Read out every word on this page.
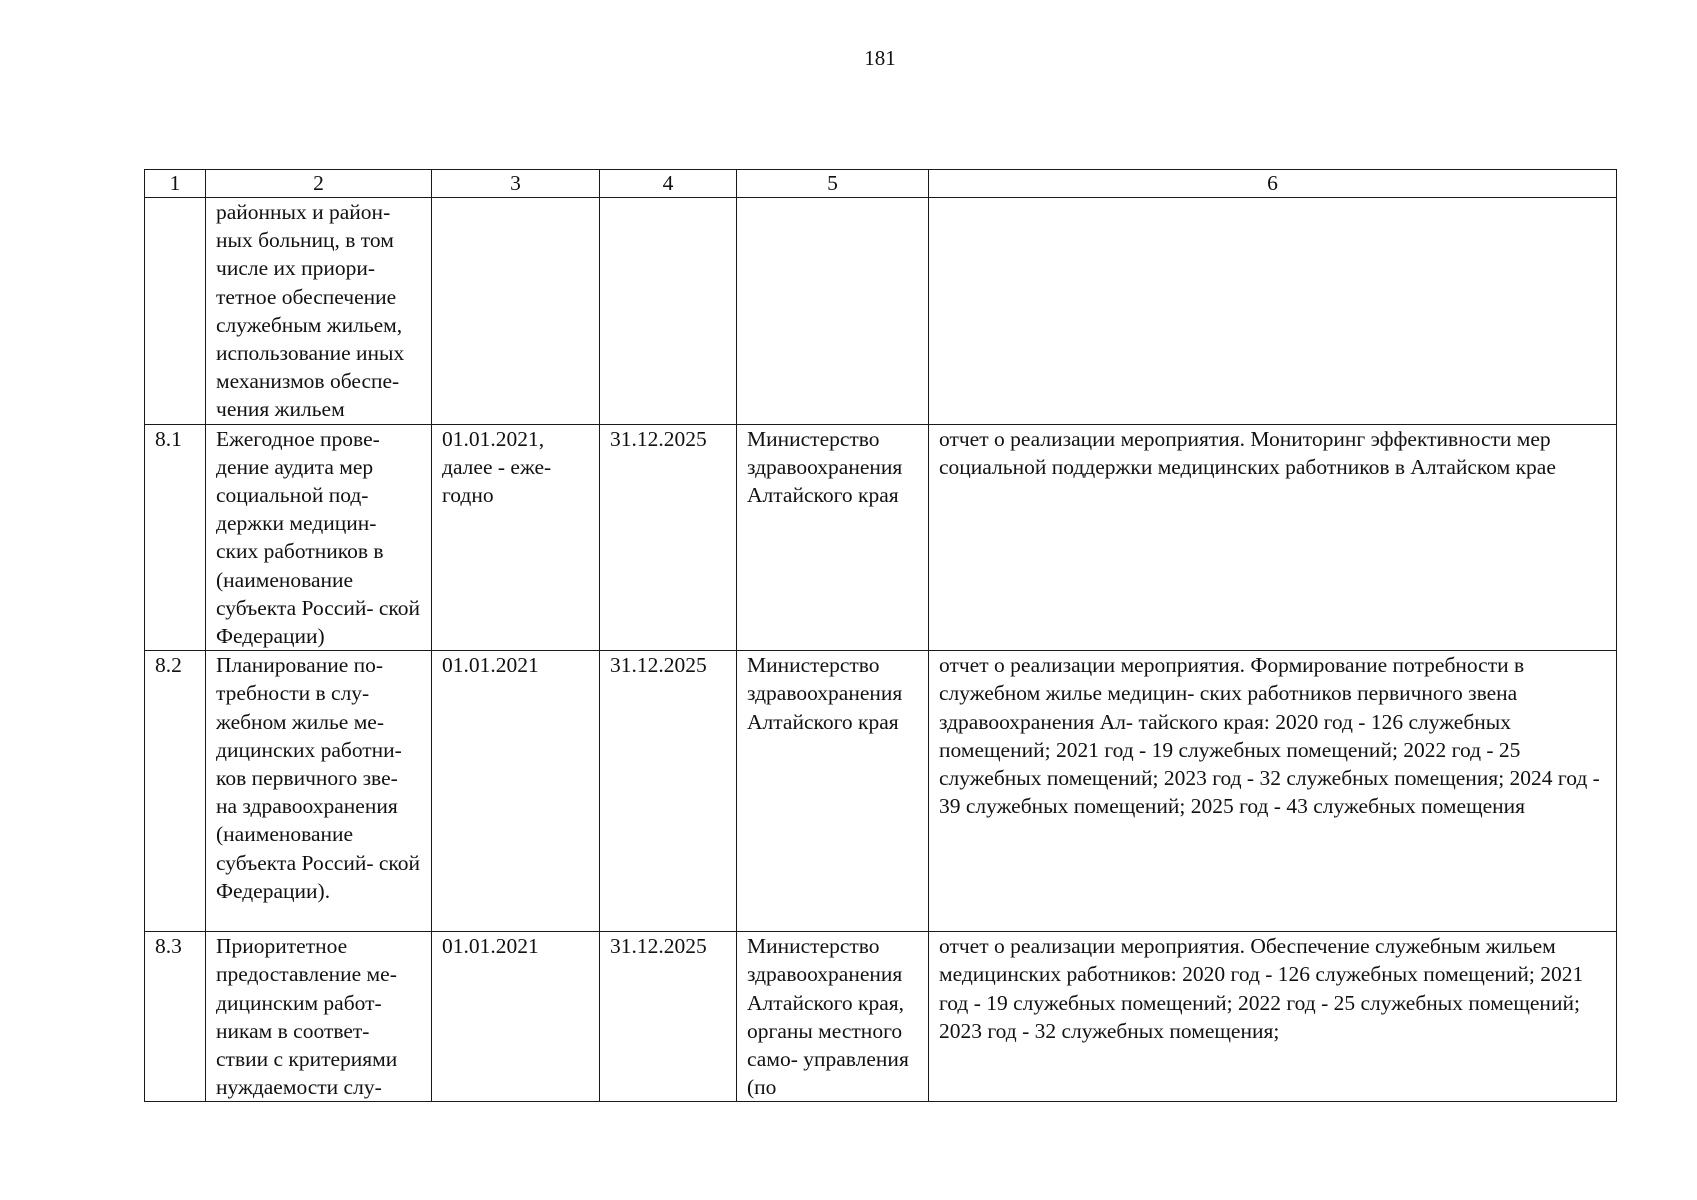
181
1	2	3	4	5	6
	районных и район- ных больниц, в том числе их приори- тетное обеспечение служебным жильем, использование иных механизмов обеспе- чения жильем				
8.1	Ежегодное прове- дение аудита мер социальной под- держки медицин- ских работников в (наименование субъекта Россий- ской Федерации)	01.01.2021, далее - еже- годно	31.12.2025	Министерство здравоохранения Алтайского края	отчет о реализации мероприятия. Мониторинг эффективности мер социальной поддержки медицинских работников в Алтайском крае
8.2	Планирование по- требности в слу- жебном жилье ме- дицинских работни- ков первичного зве- на здравоохранения (наименование субъекта Россий- ской Федерации).	01.01.2021	31.12.2025	Министерство здравоохранения Алтайского края	отчет о реализации мероприятия. Формирование потребности в служебном жилье медицин- ских работников первичного звена здравоохранения Ал- тайского края: 2020 год - 126 служебных помещений; 2021 год - 19 служебных помещений; 2022 год - 25 служебных помещений; 2023 год - 32 служебных помещения; 2024 год - 39 служебных помещений; 2025 год - 43 служебных помещения
8.3	Приоритетное предоставление ме- дицинским работ- никам в соответ- ствии с критериями нуждаемости слу-	01.01.2021	31.12.2025	Министерство здравоохранения Алтайского края, органы местного само- управления (по	отчет о реализации мероприятия. Обеспечение служебным жильем медицинских работников: 2020 год - 126 служебных помещений; 2021 год - 19 служебных помещений; 2022 год - 25 служебных помещений; 2023 год - 32 служебных помещения;
